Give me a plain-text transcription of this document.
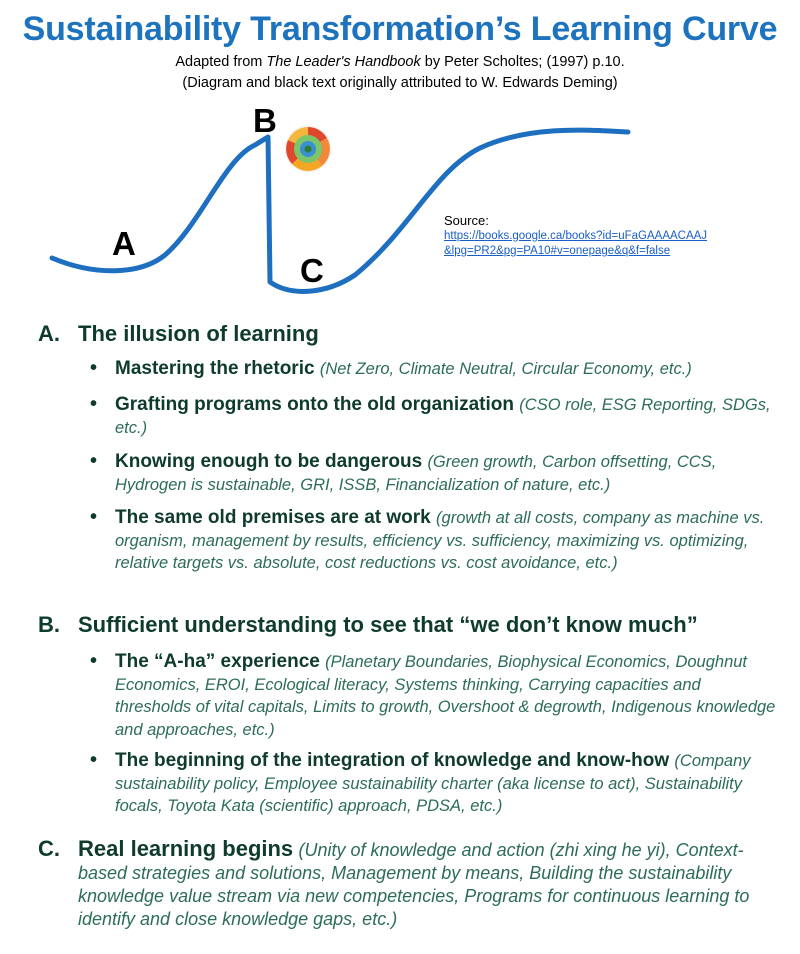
Sustainability Transformation’s Learning Curve
Adapted from The Leader's Handbook by Peter Scholtes; (1997) p.10.
(Diagram and black text originally attributed to W. Edwards Deming)
A
B
C
Source:
https://books.google.ca/books?id=uFaGAAAACAAJ
&lpg=PR2&pg=PA10#v=onepage&q&f=false
A. The illusion of learning
• Mastering the rhetoric (Net Zero, Climate Neutral, Circular Economy, etc.)
• Grafting programs onto the old organization (CSO role, ESG Reporting, SDGs, etc.)
• Knowing enough to be dangerous (Green growth, Carbon offsetting, CCS, Hydrogen is sustainable, GRI, ISSB, Financialization of nature, etc.)
• The same old premises are at work (growth at all costs, company as machine vs. organism, management by results, efficiency vs. sufficiency, maximizing vs. optimizing, relative targets vs. absolute, cost reductions vs. cost avoidance, etc.)
B. Sufficient understanding to see that “we don’t know much”
• The “A-ha” experience (Planetary Boundaries, Biophysical Economics, Doughnut Economics, EROI, Ecological literacy, Systems thinking, Carrying capacities and thresholds of vital capitals, Limits to growth, Overshoot & degrowth, Indigenous knowledge and approaches, etc.)
• The beginning of the integration of knowledge and know-how (Company sustainability policy, Employee sustainability charter (aka license to act), Sustainability focals, Toyota Kata (scientific) approach, PDSA, etc.)
C. Real learning begins (Unity of knowledge and action (zhi xing he yi), Context-based strategies and solutions, Management by means, Building the sustainability knowledge value stream via new competencies, Programs for continuous learning to identify and close knowledge gaps, etc.)
